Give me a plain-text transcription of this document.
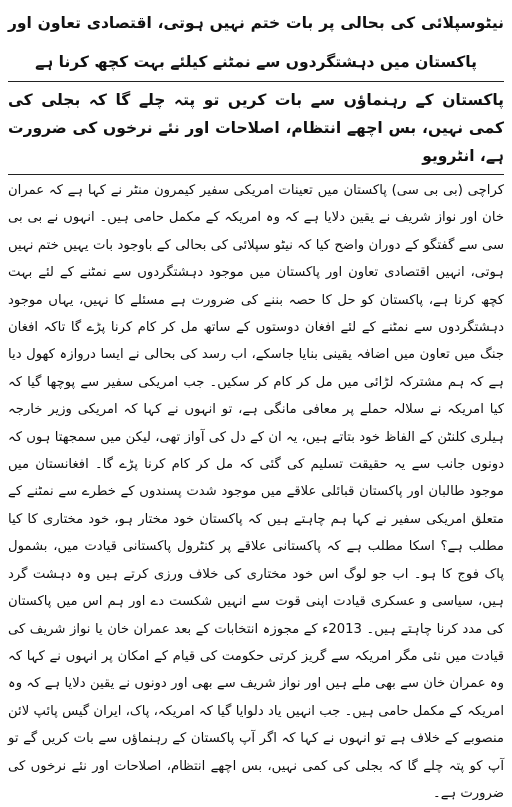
نیٹوسپلائی کی بحالی پر بات ختم نہیں ہوتی، اقتصادی تعاون اور پاکستان میں دہشتگردوں سے نمٹنے کیلئے بہت کچھ کرنا ہے

پاکستان کے رہنماؤں سے بات کریں تو پتہ چلے گا کہ بجلی کی کمی نہیں، بس اچھے انتظام، اصلاحات اور نئے نرخوں کی ضرورت ہے، انٹرویو

کراچی (بی بی سی) پاکستان میں تعینات امریکی سفیر کیمرون منٹر نے کہا ہے کہ عمران خان اور نواز شریف نے یقین دلایا ہے کہ وہ امریکہ کے مکمل حامی ہیں۔ انہوں نے بی بی سی سے گفتگو کے دوران واضح کیا کہ نیٹو سپلائی کی بحالی کے باوجود بات یہیں ختم نہیں ہوتی، انہیں اقتصادی تعاون اور پاکستان میں موجود دہشتگردوں سے نمٹنے کے لئے بہت کچھ کرنا ہے، پاکستان کو حل کا حصہ بننے کی ضرورت ہے مسئلے کا نہیں، یہاں موجود دہشتگردوں سے نمٹنے کے لئے افغان دوستوں کے ساتھ مل کر کام کرنا پڑے گا تاکہ افغان جنگ میں تعاون میں اضافہ یقینی بنایا جاسکے، اب رسد کی بحالی نے ایسا دروازہ کھول دیا ہے کہ ہم مشترکہ لڑائی میں مل کر کام کر سکیں۔ جب امریکی سفیر سے پوچھا گیا کہ کیا امریکہ نے سلالہ حملے پر معافی مانگی ہے، تو انہوں نے کہا کہ امریکی وزیر خارجہ ہیلری کلنٹن کے الفاظ خود بتاتے ہیں، یہ ان کے دل کی آواز تھی، لیکن میں سمجھتا ہوں کہ دونوں جانب سے یہ حقیقت تسلیم کی گئی کہ مل کر کام کرنا پڑے گا۔ افغانستان میں موجود طالبان اور پاکستان قبائلی علاقے میں موجود شدت پسندوں کے خطرے سے نمٹنے کے متعلق امریکی سفیر نے کہا ہم چاہتے ہیں کہ پاکستان خود مختار ہو، خود مختاری کا کیا مطلب ہے؟ اسکا مطلب ہے کہ پاکستانی علاقے پر کنٹرول پاکستانی قیادت میں، بشمول پاک فوج کا ہو۔ اب جو لوگ اس خود مختاری کی خلاف ورزی کرتے ہیں وہ دہشت گرد ہیں، سیاسی و عسکری قیادت اپنی قوت سے انہیں شکست دے اور ہم اس میں پاکستان کی مدد کرنا چاہتے ہیں۔ 2013ء کے مجوزہ انتخابات کے بعد عمران خان یا نواز شریف کی قیادت میں نئی مگر امریکہ سے گریز کرتی حکومت کی قیام کے امکان پر انہوں نے کہا کہ وہ عمران خان سے بھی ملے ہیں اور نواز شریف سے بھی اور دونوں نے یقین دلایا ہے کہ وہ امریکہ کے مکمل حامی ہیں۔ جب انہیں یاد دلوایا گیا کہ امریکہ، پاک، ایران گیس پائپ لائن منصوبے کے خلاف ہے تو انہوں نے کہا کہ اگر آپ پاکستان کے رہنماؤں سے بات کریں گے تو آپ کو پتہ چلے گا کہ بجلی کی کمی نہیں، بس اچھے انتظام، اصلاحات اور نئے نرخوں کی ضرورت ہے۔
